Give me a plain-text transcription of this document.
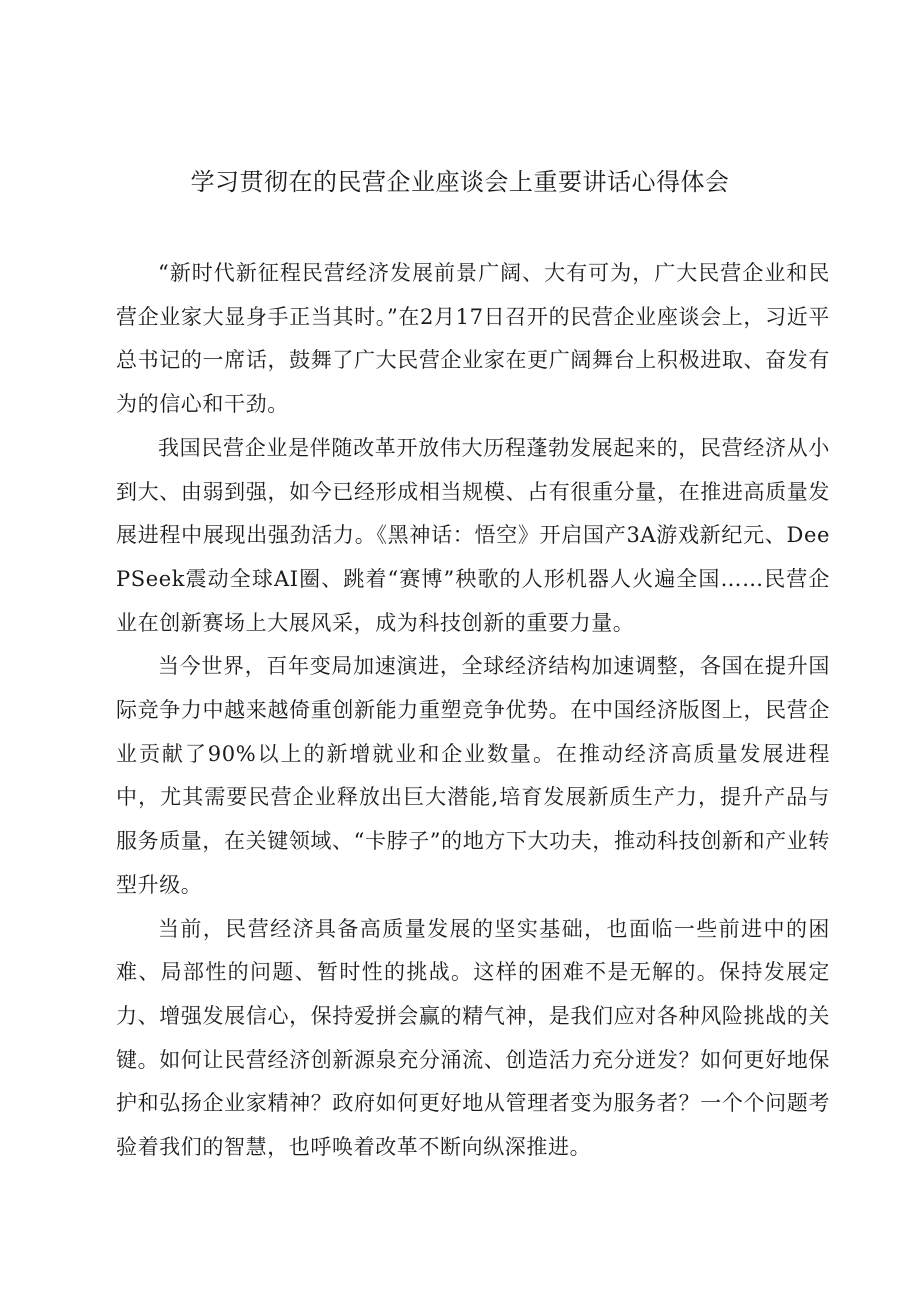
学习贯彻在的民营企业座谈会上重要讲话心得体会

“新时代新征程民营经济发展前景广阔、大有可为，广大民营企业和民营企业家大显身手正当其时。”在2月17日召开的民营企业座谈会上，习近平总书记的一席话，鼓舞了广大民营企业家在更广阔舞台上积极进取、奋发有为的信心和干劲。

我国民营企业是伴随改革开放伟大历程蓬勃发展起来的，民营经济从小到大、由弱到强，如今已经形成相当规模、占有很重分量，在推进高质量发展进程中展现出强劲活力。《黑神话：悟空》开启国产3A游戏新纪元、DeePSeek震动全球AI圈、跳着“赛博”秧歌的人形机器人火遍全国……民营企业在创新赛场上大展风采，成为科技创新的重要力量。

当今世界，百年变局加速演进，全球经济结构加速调整，各国在提升国际竞争力中越来越倚重创新能力重塑竞争优势。在中国经济版图上，民营企业贡献了90%以上的新增就业和企业数量。在推动经济高质量发展进程中，尤其需要民营企业释放出巨大潜能,培育发展新质生产力，提升产品与服务质量，在关键领域、“卡脖子”的地方下大功夫，推动科技创新和产业转型升级。

当前，民营经济具备高质量发展的坚实基础，也面临一些前进中的困难、局部性的问题、暂时性的挑战。这样的困难不是无解的。保持发展定力、增强发展信心，保持爱拼会赢的精气神，是我们应对各种风险挑战的关键。如何让民营经济创新源泉充分涌流、创造活力充分迸发？如何更好地保护和弘扬企业家精神？政府如何更好地从管理者变为服务者？一个个问题考验着我们的智慧，也呼唤着改革不断向纵深推进。
